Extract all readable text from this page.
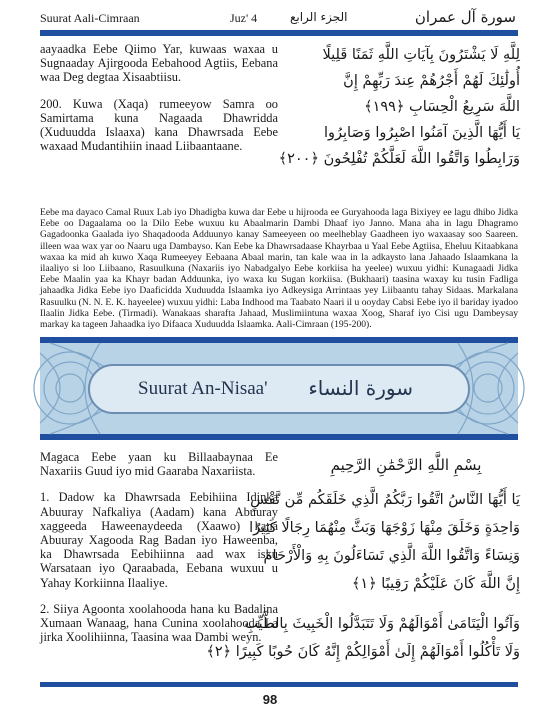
Suurat Aali-Cimraan	Juz' 4	الجزء الرابع	سورة آل عمران

aayaadka Eebe Qiimo Yar, kuwaas waxaa u Sugnaaday Ajirgooda Eebahood Agtiis, Eebana waa Deg degtaa Xisaabtiisu.

200. Kuwa (Xaqa) rumeeyow Samra oo Samirtama kuna Nagaada Dhawridda (Xuduudda Islaaxa) kana Dhawrsada Eebe waxaad Mudantihiin inaad Liibaantaane.

لِلَّهِ لَا يَشْتَرُونَ بِآيَاتِ اللَّهِ ثَمَنًا قَلِيلًا
أُولَٰئِكَ لَهُمْ أَجْرُهُمْ عِندَ رَبِّهِمْ إِنَّ
اللَّهَ سَرِيعُ الْحِسَابِ ﴿١٩٩﴾
يَا أَيُّهَا الَّذِينَ آمَنُوا اصْبِرُوا وَصَابِرُوا
وَرَابِطُوا وَاتَّقُوا اللَّهَ لَعَلَّكُمْ تُفْلِحُونَ ﴿٢٠٠﴾

Eebe ma dayaco Camal Ruux Lab iyo Dhadigba kuwa dar Eebe u hijrooda ee Guryahooda laga Bixiyey ee lagu dhibo Jidka Eebe oo Dagaalama oo la Dilo Eebe wuxuu ku Abaalmarin Dambi Dhaaf iyo Janno. Mana aha in lagu Dhagramo Gagadoonka Gaalada iyo Shaqadooda Adduunyo kanay Sameeyeen oo meelheblay Gaadheen iyo waxaasay soo Saareen. illeen waa wax yar oo Naaru uga Dambayso. Kan Eebe ka Dhawrsadaase Khayrbaa u Yaal Eebe Agtiisa, Eheluu Kitaabkana waxaa ka mid ah kuwo Xaqa Rumeeyey Eebaana Abaal marin, tan kale waa in la adkaysto lana Jahaado Islaamkana la ilaaliyo si loo Liibaano, Rasuulkuna (Naxariis iyo Nabadgalyo Eebe korkiisa ha yeelee) wuxuu yidhi: Kunagaadi Jidka Eebe Maalin yaa ka Khayr badan Adduunka, iyo waxa ku Sugan korkiisa. (Bukhaari) taasina waxay ku tusin Fadliga jahaadka Jidka Eebe iyo Daaficiddа Xuduudda Islaamka iyo Adkeysiga Arrintaas yey Liibaantu tahay Sidaas. Markalana Rasuulku (N. N. E. K. hayeelee) wuxuu yidhi: Laba Indhood ma Taabato Naari il u ooyday Cabsi Eebe iyo il bariday iyadoo Ilaalin Jidka Eebe. (Tirmadi). Wanakaas sharafta Jahaad, Muslimiintuna waxaa Xoog, Sharaf iyo Cisi ugu Dambeysay markay ka tageen Jahaadka iyo Difaaca Xuduudda Islaamka. Aali-Cimraan (195-200).

Suurat An-Nisaa' سورة النساء

Magaca Eebe yaan ku Billaabaynaa Ee Naxariis Guud iyo mid Gaaraba Naxariista.

1. Dadow ka Dhawrsada Eebihiina Idinka Abuuray Nafkaliya (Aadam) kana Abuuray xaggeeda Haweenaydeeda (Xaawo) kana Abuuray Xagooda Rag Badan iyo Haweenba, ka Dhawrsada Eebihiinna aad wax isku Warsataan iyo Qaraabada, Eebana wuxuu u Yahay Korkiinna Ilaaliye.

2. Siiya Agoonta xoolahooda hana ku Badalina Xumaan Wanaag, hana Cunina xoolahooda La jirka Xoolihiinna, Taasina waa Dambi weyn.

بِسْمِ اللَّهِ الرَّحْمَٰنِ الرَّحِيمِ
يَا أَيُّهَا النَّاسُ اتَّقُوا رَبَّكُمُ الَّذِي خَلَقَكُم مِّن نَّفْسٍ
وَاحِدَةٍ وَخَلَقَ مِنْهَا زَوْجَهَا وَبَثَّ مِنْهُمَا رِجَالًا كَثِيرًا
وَنِسَاءً وَاتَّقُوا اللَّهَ الَّذِي تَسَاءَلُونَ بِهِ وَالْأَرْحَامَ
إِنَّ اللَّهَ كَانَ عَلَيْكُمْ رَقِيبًا ﴿١﴾
وَآتُوا الْيَتَامَىٰ أَمْوَالَهُمْ وَلَا تَتَبَدَّلُوا الْخَبِيثَ بِالطَّيِّبِ
وَلَا تَأْكُلُوا أَمْوَالَهُمْ إِلَىٰ أَمْوَالِكُمْ إِنَّهُ كَانَ حُوبًا كَبِيرًا ﴿٢﴾
98
